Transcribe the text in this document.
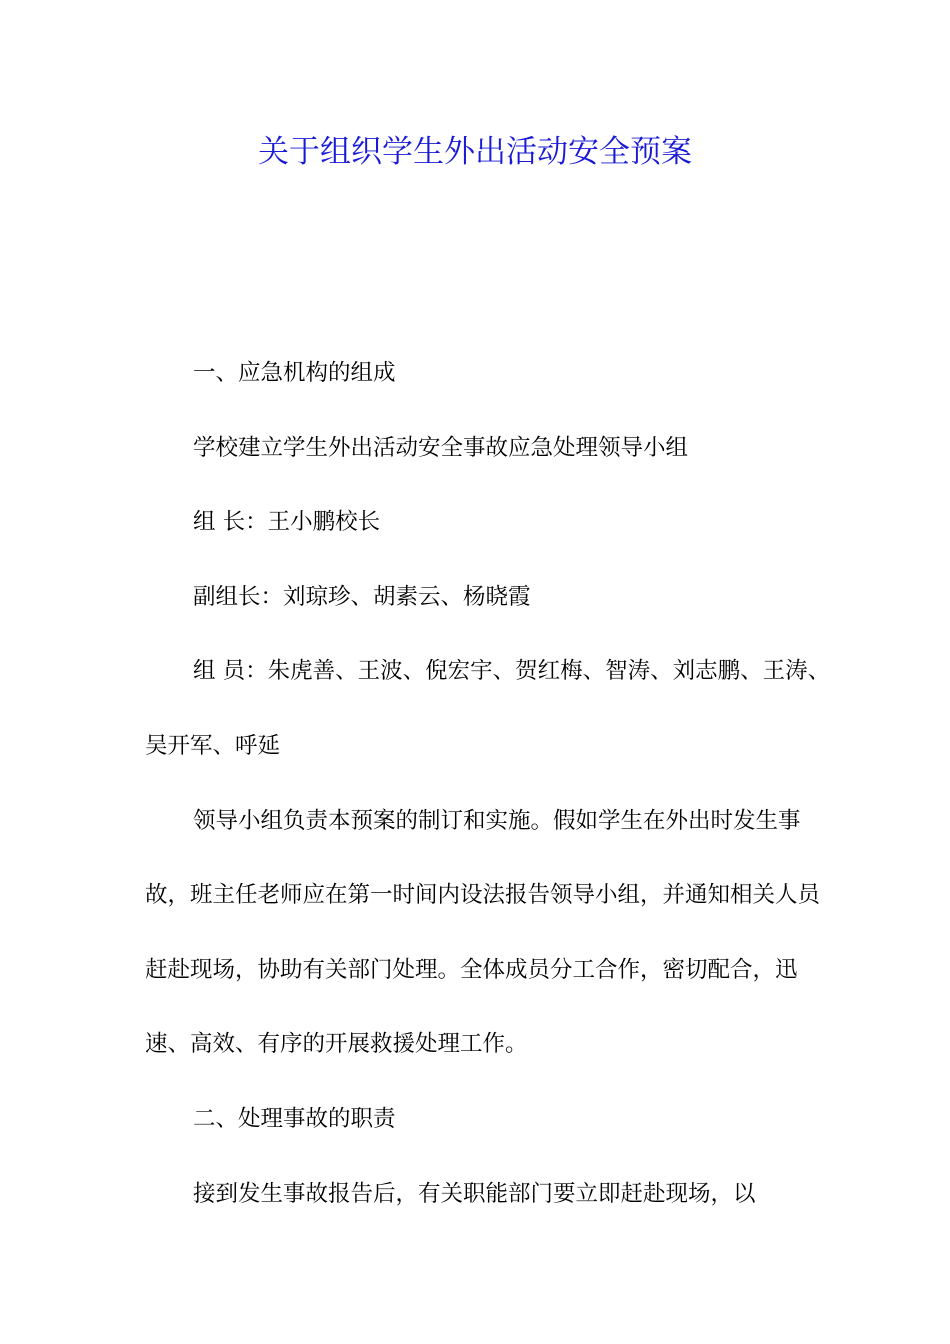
关于组织学生外出活动安全预案

一、应急机构的组成

学校建立学生外出活动安全事故应急处理领导小组

组 长：王小鹏校长

副组长：刘琼珍、胡素云、杨晓霞

组 员：朱虎善、王波、倪宏宇、贺红梅、智涛、刘志鹏、王涛、吴开军、呼延

领导小组负责本预案的制订和实施。假如学生在外出时发生事故，班主任老师应在第一时间内设法报告领导小组，并通知相关人员赶赴现场，协助有关部门处理。全体成员分工合作，密切配合，迅速、高效、有序的开展救援处理工作。

二、处理事故的职责

接到发生事故报告后，有关职能部门要立即赶赴现场，以
